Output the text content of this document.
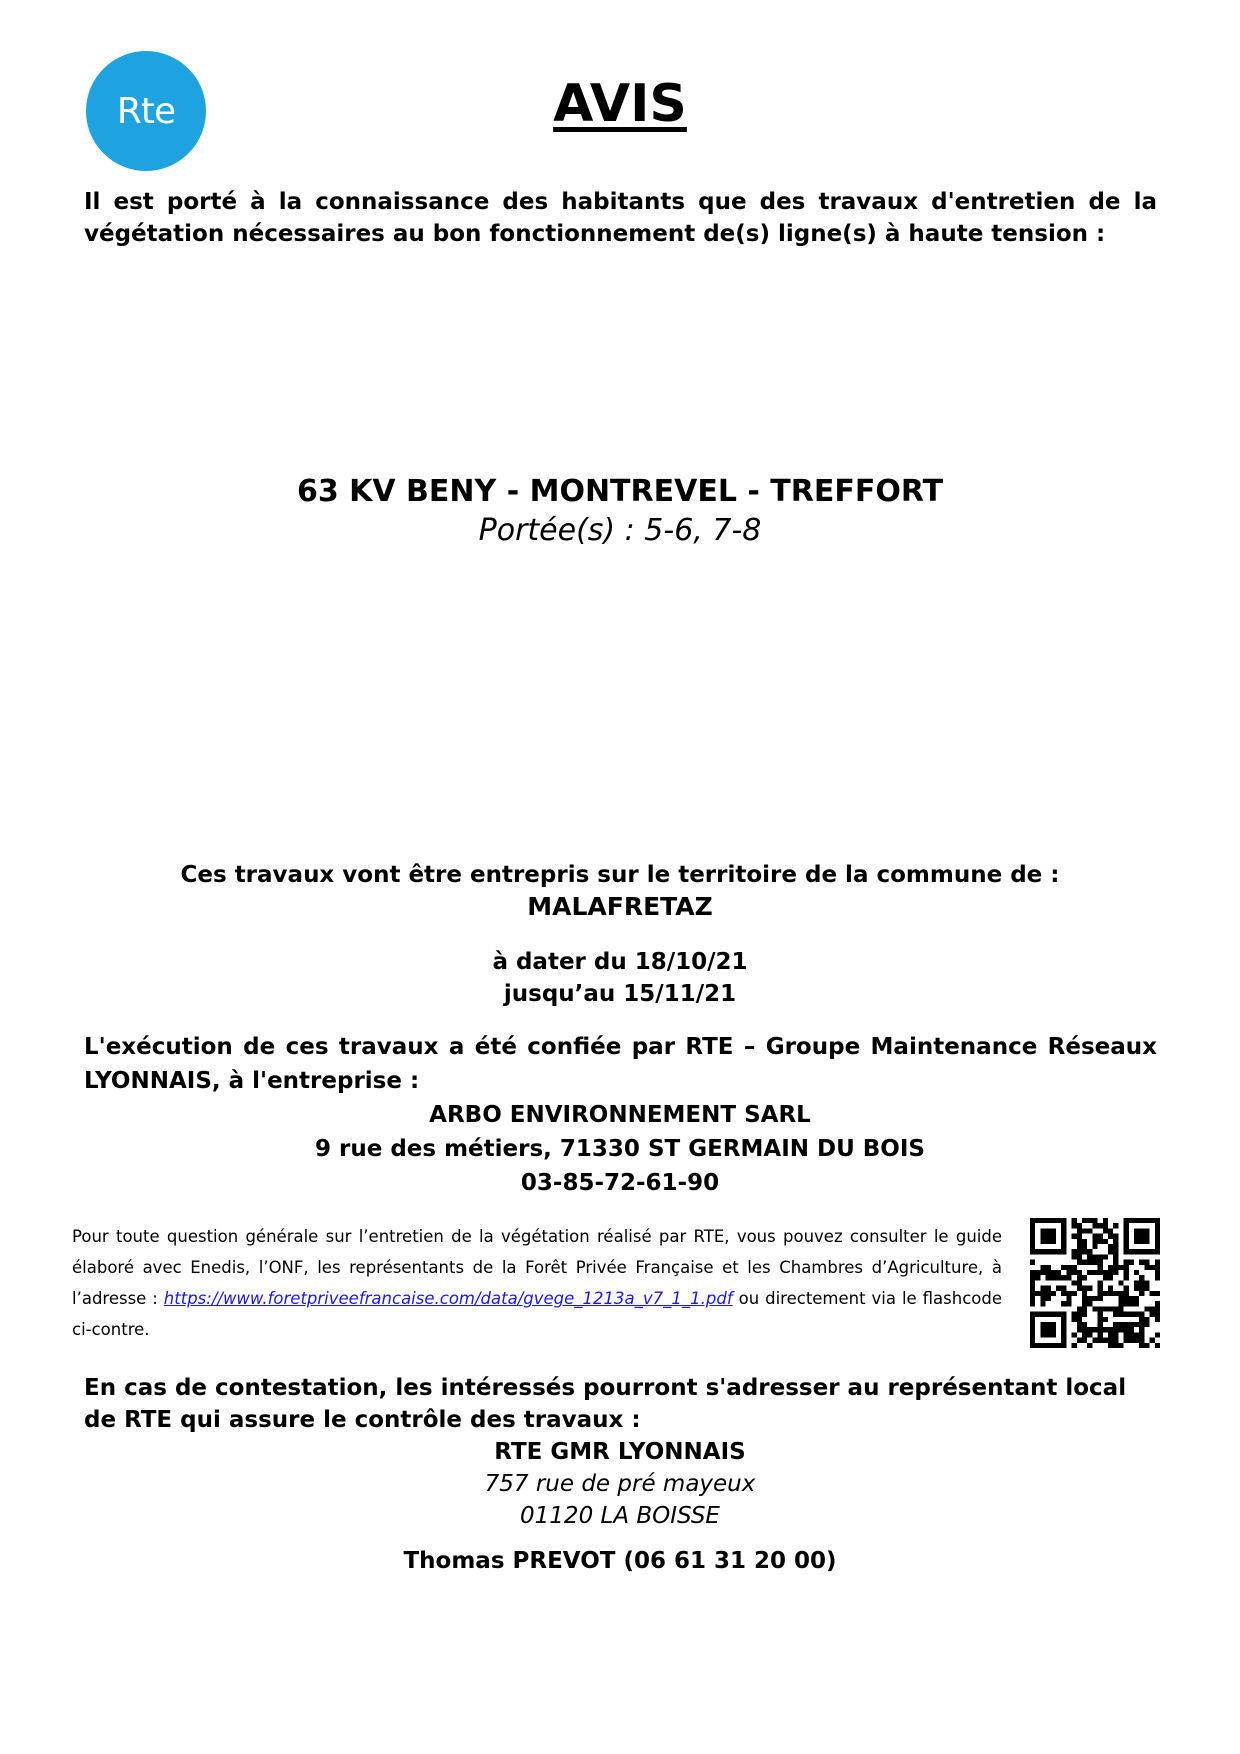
Rte	AVIS
Il est porté à la connaissance des habitants que des travaux d'entretien de la végétation nécessaires au bon fonctionnement de(s) ligne(s) à haute tension :
63 KV BENY - MONTREVEL - TREFFORT
Portée(s) : 5-6, 7-8
Ces travaux vont être entrepris sur le territoire de la commune de :
MALAFRETAZ
à dater du 18/10/21
jusqu’au 15/11/21
L'exécution de ces travaux a été confiée par RTE – Groupe Maintenance Réseaux LYONNAIS, à l'entreprise :
ARBO ENVIRONNEMENT SARL
9 rue des métiers, 71330 ST GERMAIN DU BOIS
03-85-72-61-90
Pour toute question générale sur l’entretien de la végétation réalisé par RTE, vous pouvez consulter le guide élaboré avec Enedis, l’ONF, les représentants de la Forêt Privée Française et les Chambres d’Agriculture, à l’adresse : https://www.foretpriveefrancaise.com/data/gvege_1213a_v7_1_1.pdf ou directement via le flashcode ci-contre.
En cas de contestation, les intéressés pourront s'adresser au représentant local de RTE qui assure le contrôle des travaux :
RTE GMR LYONNAIS
757 rue de pré mayeux
01120 LA BOISSE
Thomas PREVOT (06 61 31 20 00)
